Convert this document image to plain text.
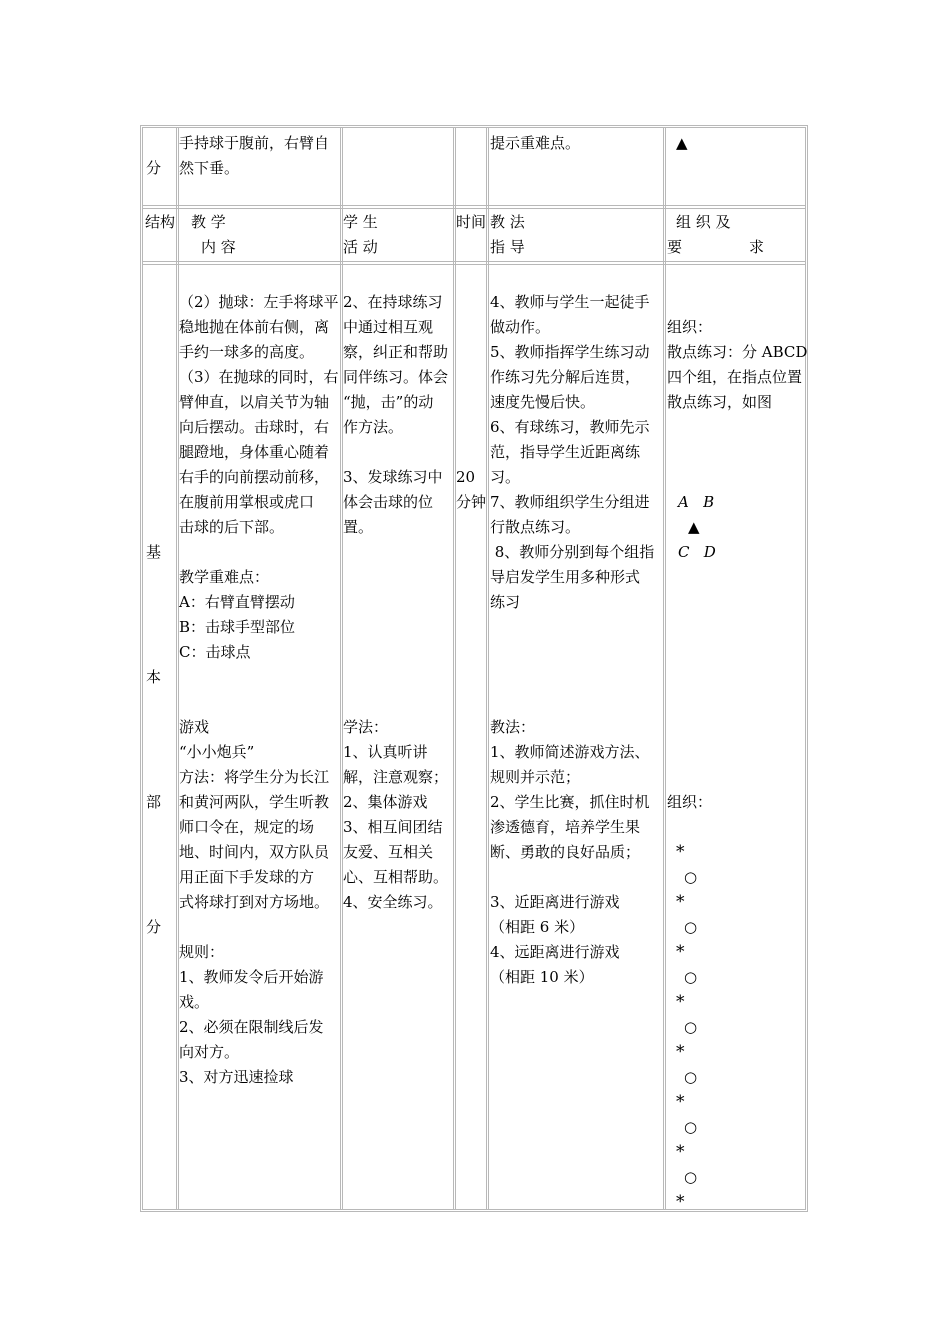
分
手持球于腹前，右臂自然下垂。
提示重难点。	▲
结构 教 学
内 容
学 生
活 动
时间 教 法
指 导
组 织 及
要	求
基
本
部
分
（2）抛球：左手将球平
稳地抛在体前右侧，离
手约一球多的高度。
（3）在抛球的同时，右
臂伸直，以肩关节为轴
向后摆动。击球时，右
腿蹬地，身体重心随着
右手的向前摆动前移，
在腹前用掌根或虎口
击球的后下部。
教学重难点：
A：右臂直臂摆动
B：击球手型部位
C：击球点
游戏
“小小炮兵”
方法：将学生分为长江
和黄河两队，学生听教
师口令在，规定的场
地、时间内，双方队员
用正面下手发球的方
式将球打到对方场地。
规则：
1、教师发令后开始游
戏。
2、必须在限制线后发
向对方。
3、对方迅速捡球
2、在持球练习
中通过相互观
察，纠正和帮助
同伴练习。体会
“抛，击”的动
作方法。
3、发球练习中
体会击球的位
置。
学法：
1、认真听讲
解，注意观察；
2、集体游戏
3、相互间团结
友爱、互相关
心、互相帮助。
4、安全练习。
20
分钟
4、教师与学生一起徒手
做动作。
5、教师指挥学生练习动
作练习先分解后连贯，
速度先慢后快。
6、有球练习，教师先示
范，指导学生近距离练
习。
7、教师组织学生分组进
行散点练习。
8、教师分别到每个组指
导启发学生用多种形式
练习
教法：
1、教师简述游戏方法、
规则并示范；
2、学生比赛，抓住时机
渗透德育，培养学生果
断、勇敢的良好品质；
3、近距离进行游戏
（相距 6 米）
4、远距离进行游戏
（相距 10 米）
组织：
散点练习：分 ABCD
四个组，在指点位置
散点练习，如图
A   B
▲
C   D
组织：
*
○
*
○
*
○
*
○
*
○
*
○
*
○
*
